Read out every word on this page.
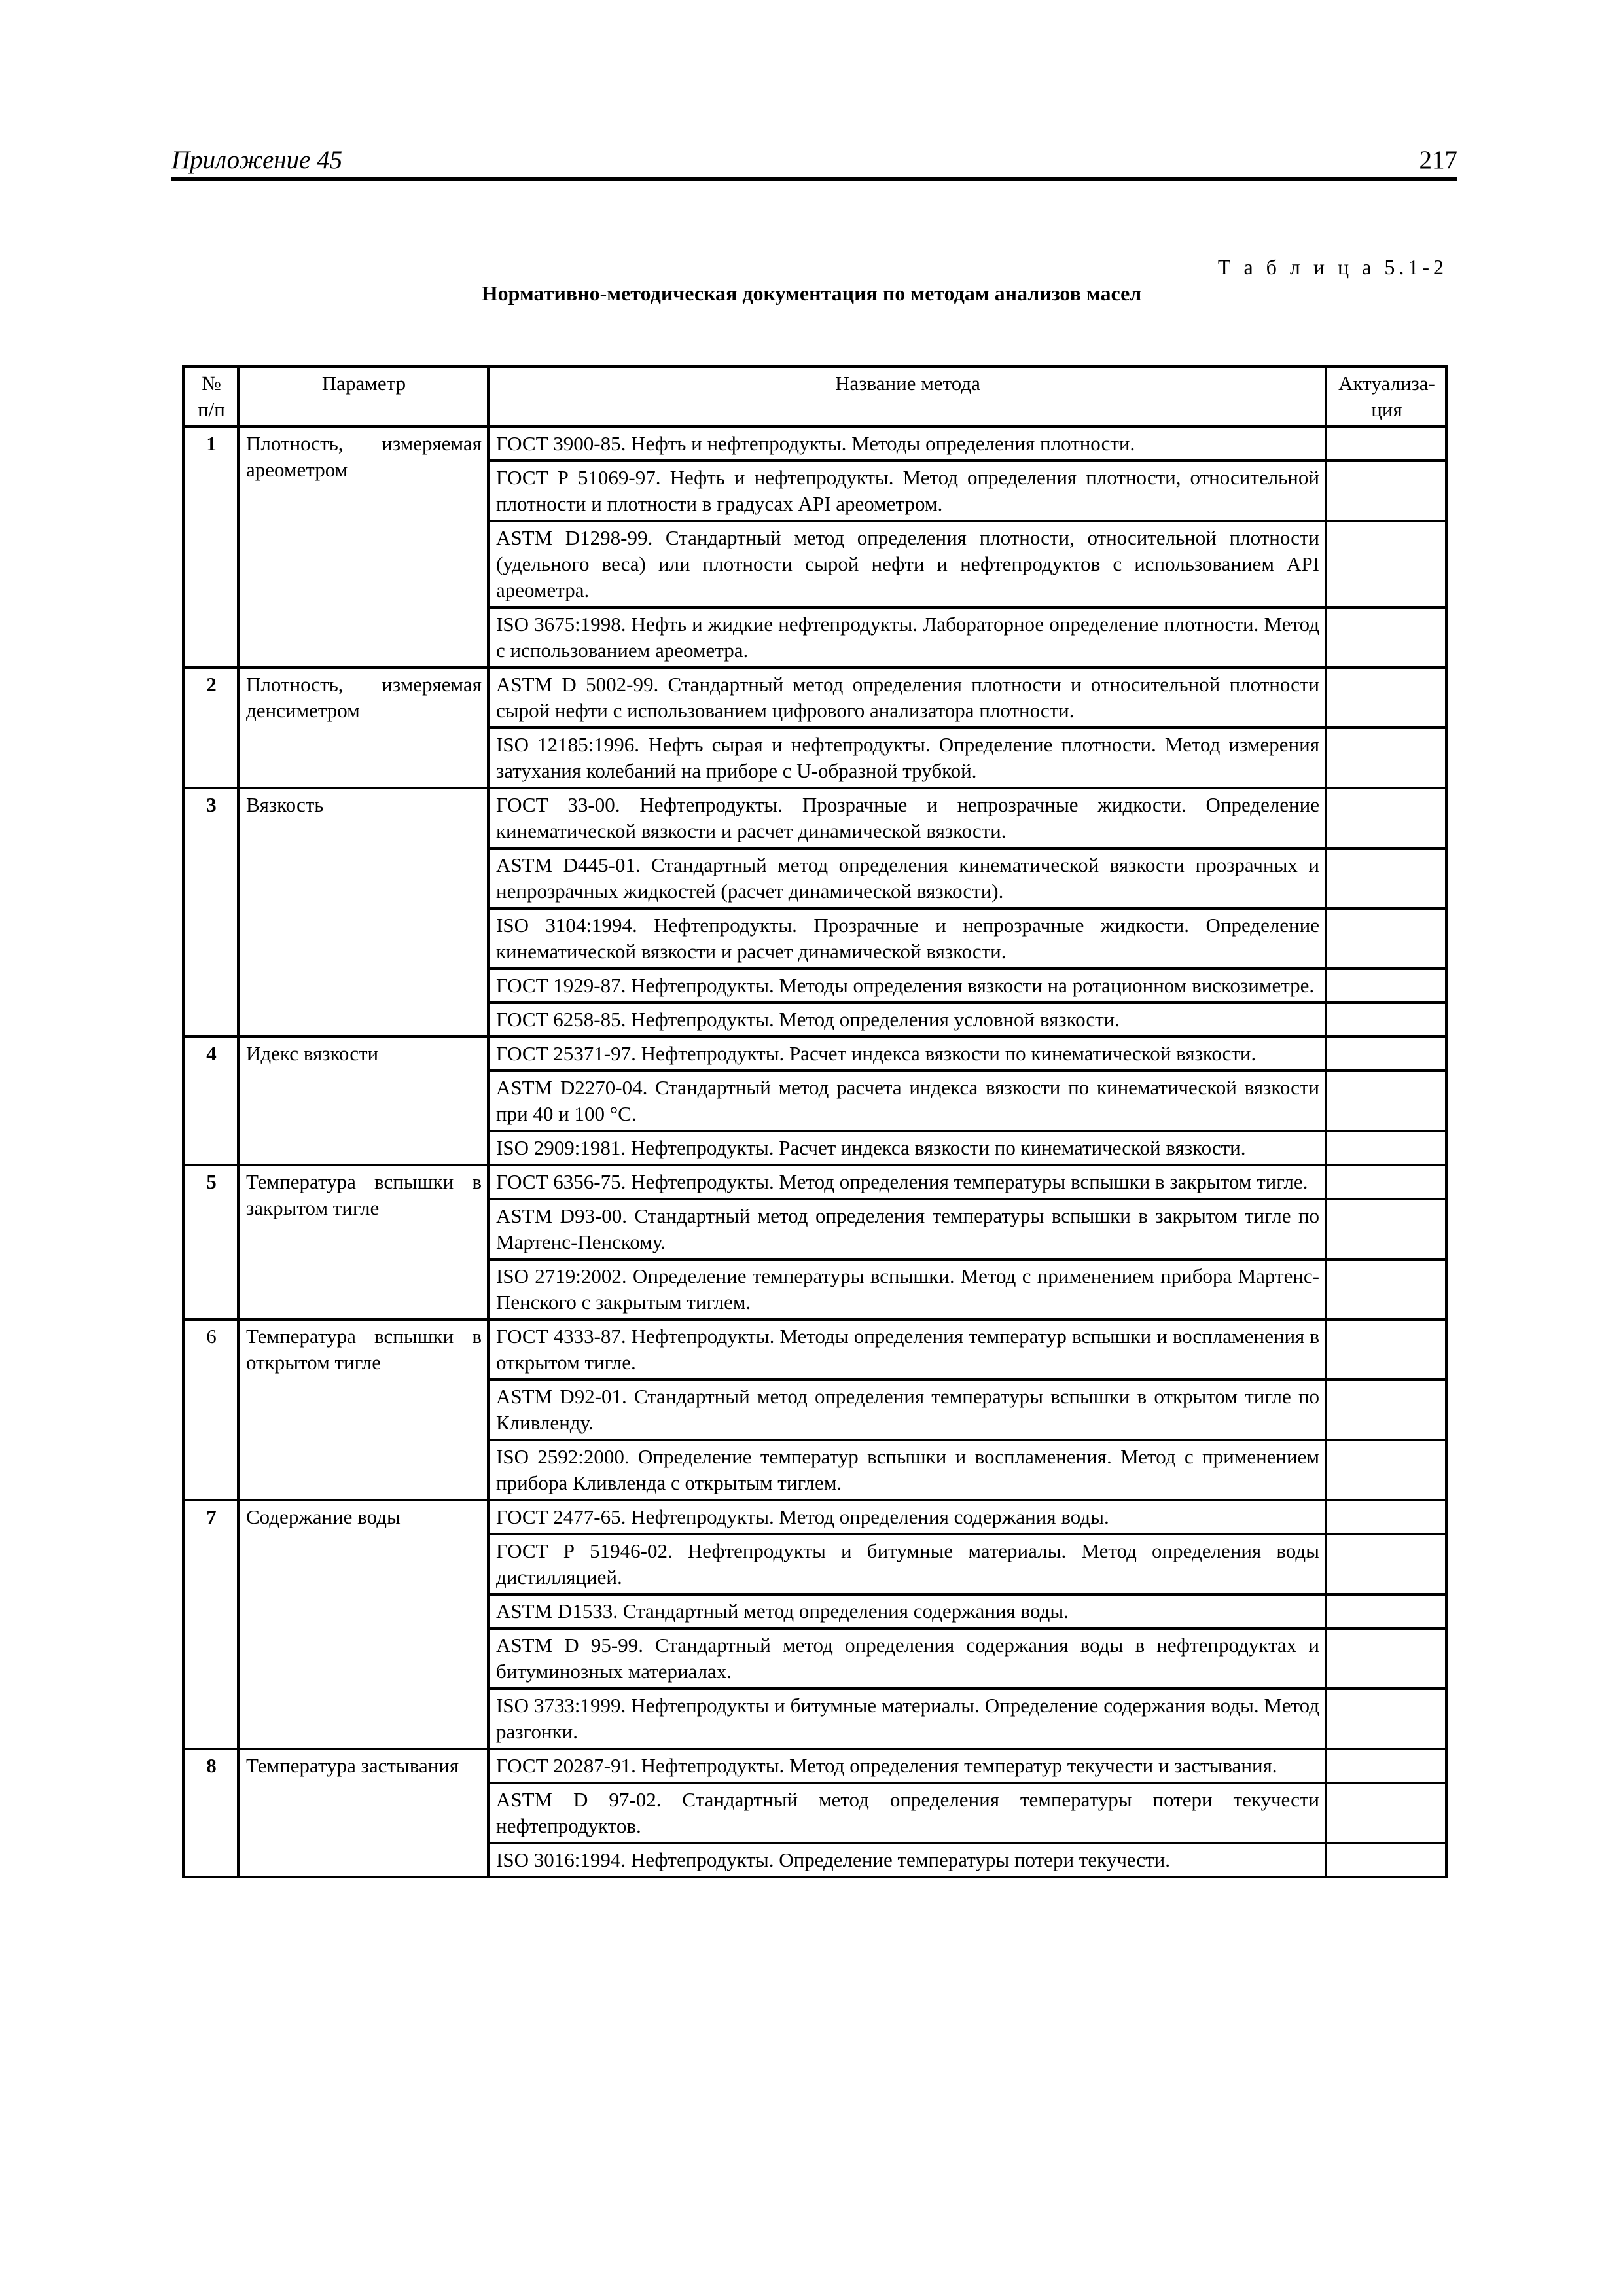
Приложение 45	217
Т а б л и ц а 5.1-2
Нормативно-методическая документация по методам анализов масел
№ п/п	Параметр	Название метода	Актуализа-ция
1	Плотность, измеряемая ареометром	ГОСТ 3900-85. Нефть и нефтепродукты. Методы определения плотности.	
		ГОСТ Р 51069-97. Нефть и нефтепродукты. Метод определения плотности, относительной плотности и плотности в градусах API ареометром.	
		ASTM D1298-99. Стандартный метод определения плотности, относительной плотности (удельного веса) или плотности сырой нефти и нефтепродуктов с использованием API ареометра.	
		ISO 3675:1998. Нефть и жидкие нефтепродукты. Лабораторное определение плотности. Метод с использованием ареометра.	
2	Плотность, измеряемая денсиметром	ASTM D 5002-99. Стандартный метод определения плотности и относительной плотности сырой нефти с использованием цифрового анализатора плотности.	
		ISO 12185:1996. Нефть сырая и нефтепродукты. Определение плотности. Метод измерения затухания колебаний на приборе с U-образной трубкой.	
3	Вязкость	ГОСТ 33-00. Нефтепродукты. Прозрачные и непрозрачные жидкости. Определение кинематической вязкости и расчет динамической вязкости.	
		ASTM D445-01. Стандартный метод определения кинематической вязкости прозрачных и непрозрачных жидкостей (расчет динамической вязкости).	
		ISO 3104:1994. Нефтепродукты. Прозрачные и непрозрачные жидкости. Определение кинематической вязкости и расчет динамической вязкости.	
		ГОСТ 1929-87. Нефтепродукты. Методы определения вязкости на ротационном вискозиметре.	
		ГОСТ 6258-85. Нефтепродукты. Метод определения условной вязкости.	
4	Идекс вязкости	ГОСТ 25371-97. Нефтепродукты. Расчет индекса вязкости по кинематической вязкости.	
		ASTM D2270-04. Стандартный метод расчета индекса вязкости по кинематической вязкости при 40 и 100 °С.	
		ISO 2909:1981. Нефтепродукты. Расчет индекса вязкости по кинематической вязкости.	
5	Температура вспышки в закрытом тигле	ГОСТ 6356-75. Нефтепродукты. Метод определения температуры вспышки в закрытом тигле.	
		ASTM D93-00. Стандартный метод определения температуры вспышки в закрытом тигле по Мартенс-Пенскому.	
		ISO 2719:2002. Определение температуры вспышки. Метод с применением прибора Мартенс-Пенского с закрытым тиглем.	
6	Температура вспышки в открытом тигле	ГОСТ 4333-87. Нефтепродукты. Методы определения температур вспышки и воспламенения в открытом тигле.	
		ASTM D92-01. Стандартный метод определения температуры вспышки в открытом тигле по Кливленду.	
		ISO 2592:2000. Определение температур вспышки и воспламенения. Метод с применением прибора Кливленда с открытым тиглем.	
7	Содержание воды	ГОСТ 2477-65. Нефтепродукты. Метод определения содержания воды.	
		ГОСТ Р 51946-02. Нефтепродукты и битумные материалы. Метод определения воды дистилляцией.	
		ASTM D1533. Стандартный метод определения содержания воды.	
		ASTM D 95-99. Стандартный метод определения содержания воды в нефтепродуктах и битуминозных материалах.	
		ISO 3733:1999. Нефтепродукты и битумные материалы. Определение содержания воды. Метод разгонки.	
8	Температура застывания	ГОСТ 20287-91. Нефтепродукты. Метод определения температур текучести и застывания.	
		ASTM D 97-02. Стандартный метод определения температуры потери текучести нефтепродуктов.	
		ISO 3016:1994. Нефтепродукты. Определение температуры потери текучести.	
